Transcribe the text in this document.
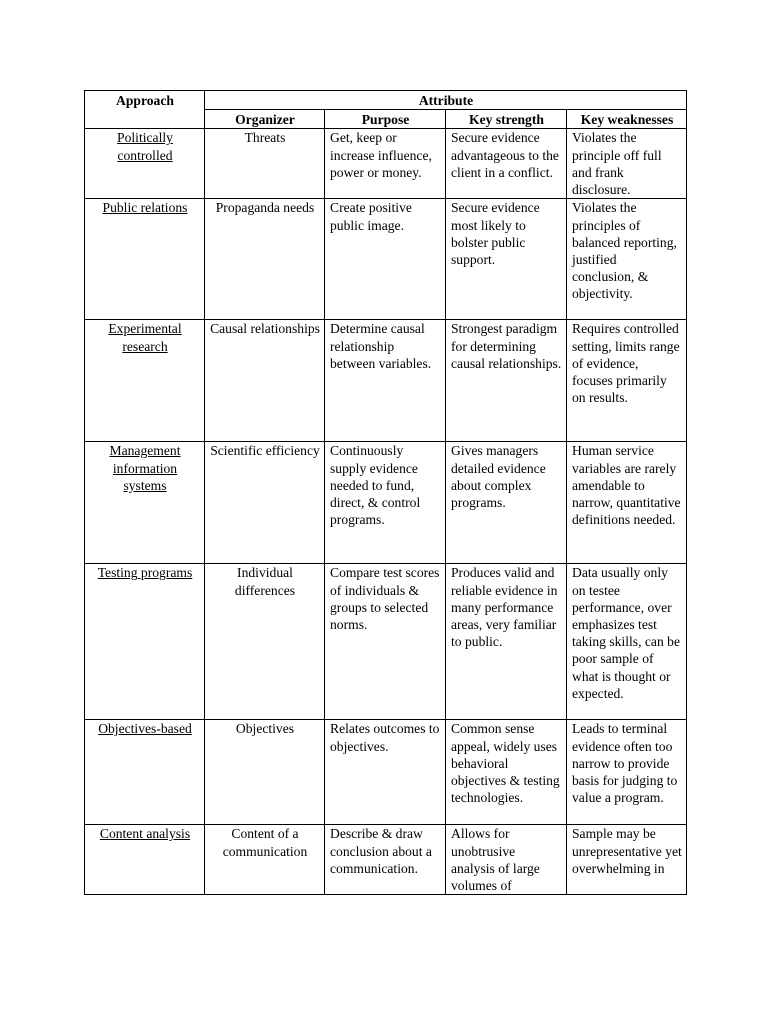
Approach	Attribute			
	Organizer	Purpose	Key strength	Key weaknesses
Politically controlled	Threats	Get, keep or increase influence, power or money.	Secure evidence advantageous to the client in a conflict.	Violates the principle off full and frank disclosure.
Public relations	Propaganda needs	Create positive public image.	Secure evidence most likely to bolster public support.	Violates the principles of balanced reporting, justified conclusion, & objectivity.
Experimental research	Causal relationships	Determine causal relationship between variables.	Strongest paradigm for determining causal relationships.	Requires controlled setting, limits range of evidence, focuses primarily on results.
Management information systems	Scientific efficiency	Continuously supply evidence needed to fund, direct, & control programs.	Gives managers detailed evidence about complex programs.	Human service variables are rarely amendable to narrow, quantitative definitions needed.
Testing programs	Individual differences	Compare test scores of individuals & groups to selected norms.	Produces valid and reliable evidence in many performance areas, very familiar to public.	Data usually only on testee performance, over emphasizes test taking skills, can be poor sample of what is thought or expected.
Objectives-based	Objectives	Relates outcomes to objectives.	Common sense appeal, widely uses behavioral objectives & testing technologies.	Leads to terminal evidence often too narrow to provide basis for judging to value a program.
Content analysis	Content of a communication	Describe & draw conclusion about a communication.	Allows for unobtrusive analysis of large volumes of	Sample may be unrepresentative yet overwhelming in
